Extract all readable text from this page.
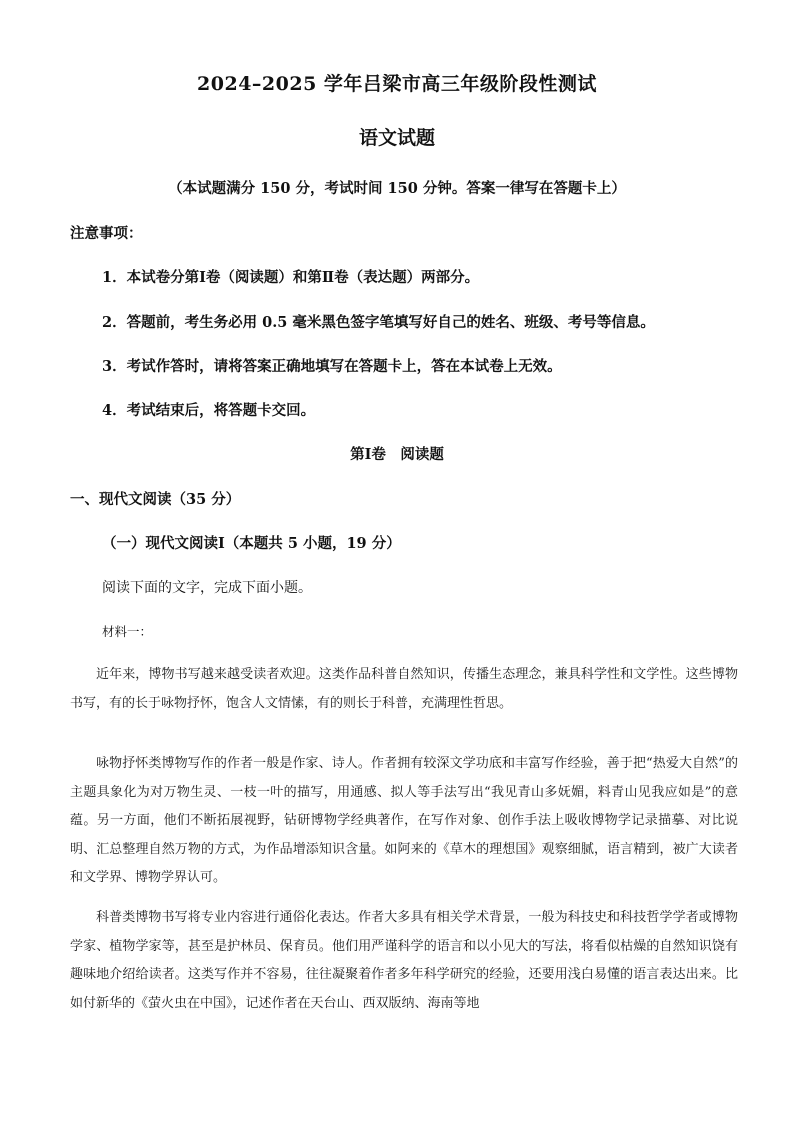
2024–2025 学年吕梁市高三年级阶段性测试
语文试题
（本试题满分 150 分，考试时间 150 分钟。答案一律写在答题卡上）
注意事项：
1．本试卷分第Ⅰ卷（阅读题）和第Ⅱ卷（表达题）两部分。
2．答题前，考生务必用 0.5 毫米黑色签字笔填写好自己的姓名、班级、考号等信息。
3．考试作答时，请将答案正确地填写在答题卡上，答在本试卷上无效。
4．考试结束后，将答题卡交回。
第Ⅰ卷　阅读题
一、现代文阅读（35 分）
（一）现代文阅读Ⅰ（本题共 5 小题，19 分）
阅读下面的文字，完成下面小题。
材料一：

近年来，博物书写越来越受读者欢迎。这类作品科普自然知识，传播生态理念，兼具科学性和文学性。这些博物书写，有的长于咏物抒怀，饱含人文情愫，有的则长于科普，充满理性哲思。

咏物抒怀类博物写作的作者一般是作家、诗人。作者拥有较深文学功底和丰富写作经验，善于把“热爱大自然”的主题具象化为对万物生灵、一枝一叶的描写，用通感、拟人等手法写出“我见青山多妩媚，料青山见我应如是”的意蕴。另一方面，他们不断拓展视野，钻研博物学经典著作，在写作对象、创作手法上吸收博物学记录描摹、对比说明、汇总整理自然万物的方式，为作品增添知识含量。如阿来的《草木的理想国》观察细腻，语言精到，被广大读者和文学界、博物学界认可。

科普类博物书写将专业内容进行通俗化表达。作者大多具有相关学术背景，一般为科技史和科技哲学学者或博物学家、植物学家等，甚至是护林员、保育员。他们用严谨科学的语言和以小见大的写法，将看似枯燥的自然知识饶有趣味地介绍给读者。这类写作并不容易，往往凝聚着作者多年科学研究的经验，还要用浅白易懂的语言表达出来。比如付新华的《萤火虫在中国》，记述作者在天台山、西双版纳、海南等地
